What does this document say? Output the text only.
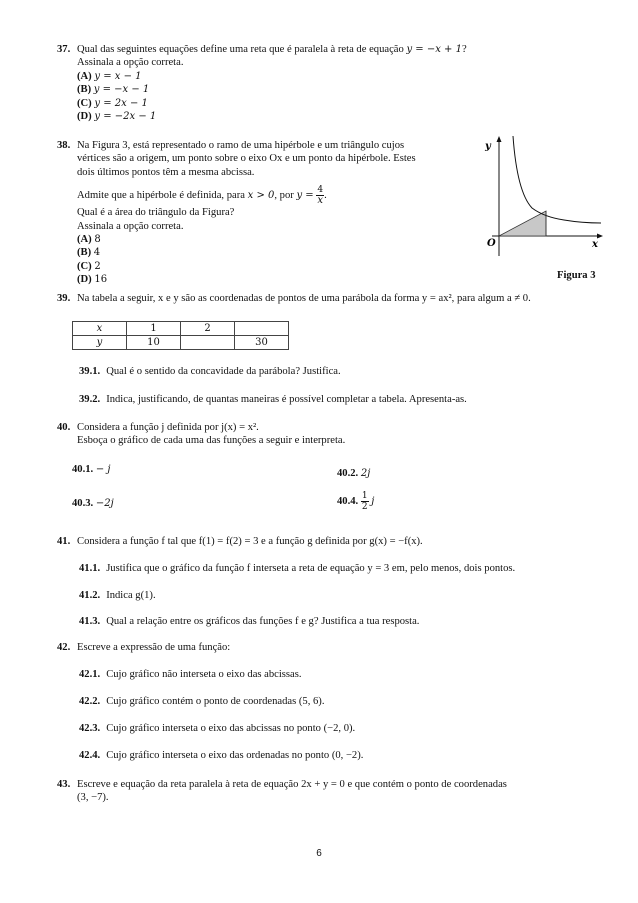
37. Qual das seguintes equações define uma reta que é paralela à reta de equação y = −x + 1?
Assinala a opção correta.
(A) y = x − 1
(B) y = −x − 1
(C) y = 2x − 1
(D) y = −2x − 1
38. Na Figura 3, está representado o ramo de uma hipérbole e um triângulo cujos
vértices são a origem, um ponto sobre o eixo Ox e um ponto da hipérbole. Estes
dois últimos pontos têm a mesma abcissa.
Admite que a hipérbole é definida, para x > 0, por $y = \frac{4}{x}$ .
Qual é a área do triângulo da Figura?
Assinala a opção correta.
(A) 8
(B) 4
(C) 2
(D) 16
y
O	x
Figura 3
39. Na tabela a seguir, x e y são as coordenadas de pontos de uma parábola da forma y = ax², para algum a ≠ 0.
x	1	2	
y	10		30
39.1. Qual é o sentido da concavidade da parábola? Justifica.
39.2. Indica, justificando, de quantas maneiras é possível completar a tabela. Apresenta-as.
40. Considera a função j definida por j(x) = x².
Esboça o gráfico de cada uma das funções a seguir e interpreta.
40.1. − j	40.2. 2j
40.3. −2j	40.4. $\frac{1}{2}$ j
41. Considera a função f tal que f(1) = f(2) = 3 e a função g definida por g(x) = −f(x).
41.1. Justifica que o gráfico da função f interseta a reta de equação y = 3 em, pelo menos, dois pontos.
41.2. Indica g(1).
41.3. Qual a relação entre os gráficos das funções f e g? Justifica a tua resposta.
42. Escreve a expressão de uma função:
42.1. Cujo gráfico não interseta o eixo das abcissas.
42.2. Cujo gráfico contém o ponto de coordenadas (5, 6).
42.3. Cujo gráfico interseta o eixo das abcissas no ponto (−2, 0).
42.4. Cujo gráfico interseta o eixo das ordenadas no ponto (0, −2).
43. Escreve e equação da reta paralela à reta de equação 2x + y = 0 e que contém o ponto de coordenadas
(3, −7).
6
